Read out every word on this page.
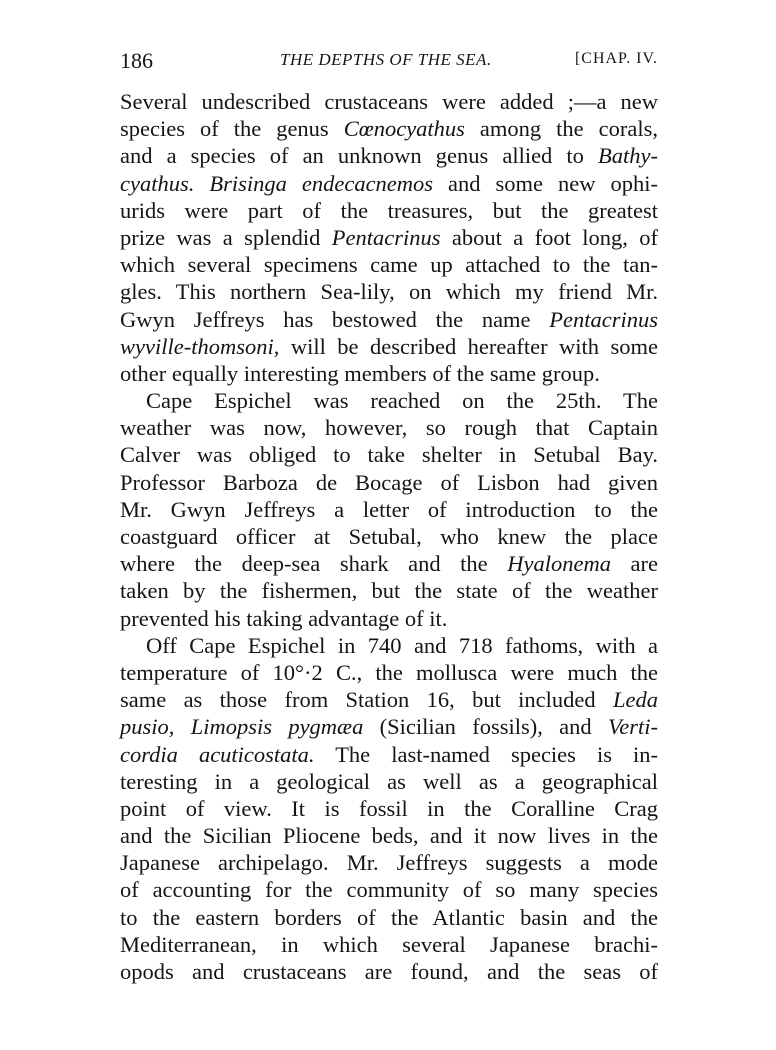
186	THE DEPTHS OF THE SEA.	[CHAP. IV.
Several undescribed crustaceans were added ;—a new
species of the genus Cœnocyathus among the corals,
and a species of an unknown genus allied to Bathy-
cyathus. Brisinga endecacnemos and some new ophi-
urids were part of the treasures, but the greatest
prize was a splendid Pentacrinus about a foot long, of
which several specimens came up attached to the tan-
gles. This northern Sea-lily, on which my friend Mr.
Gwyn Jeffreys has bestowed the name Pentacrinus
wyville-thomsoni, will be described hereafter with some
other equally interesting members of the same group.
Cape Espichel was reached on the 25th. The
weather was now, however, so rough that Captain
Calver was obliged to take shelter in Setubal Bay.
Professor Barboza de Bocage of Lisbon had given
Mr. Gwyn Jeffreys a letter of introduction to the
coastguard officer at Setubal, who knew the place
where the deep-sea shark and the Hyalonema are
taken by the fishermen, but the state of the weather
prevented his taking advantage of it.
Off Cape Espichel in 740 and 718 fathoms, with a
temperature of 10°·2 C., the mollusca were much the
same as those from Station 16, but included Leda
pusio, Limopsis pygmæa (Sicilian fossils), and Verti-
cordia acuticostata. The last-named species is in-
teresting in a geological as well as a geographical
point of view. It is fossil in the Coralline Crag
and the Sicilian Pliocene beds, and it now lives in the
Japanese archipelago. Mr. Jeffreys suggests a mode
of accounting for the community of so many species
to the eastern borders of the Atlantic basin and the
Mediterranean, in which several Japanese brachi-
opods and crustaceans are found, and the seas of
